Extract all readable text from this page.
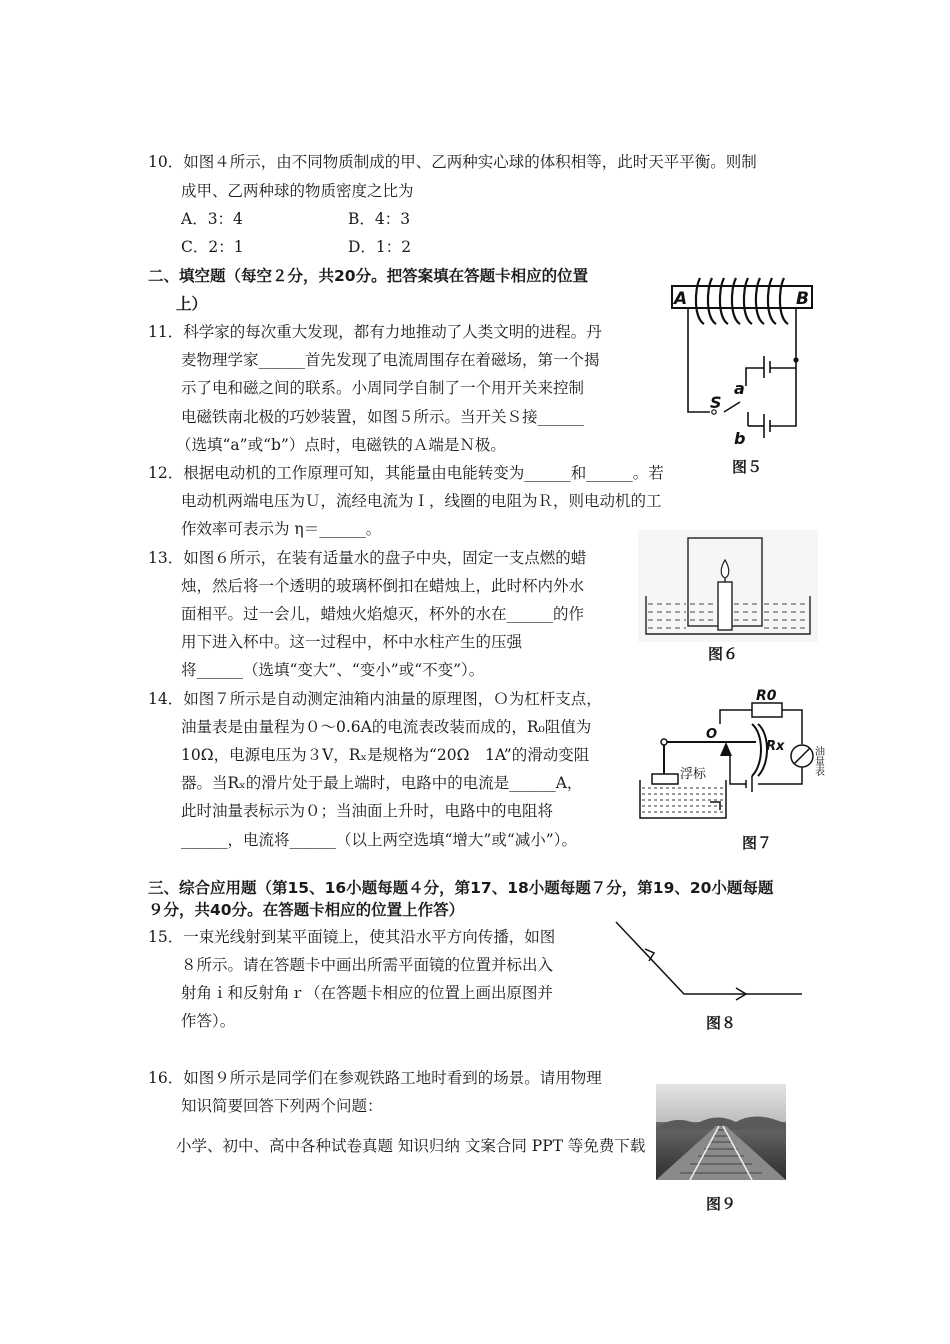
10．如图４所示，由不同物质制成的甲、乙两种实心球的体积相等，此时天平平衡。则制
成甲、乙两种球的物质密度之比为
A．3：4	B．4：3
C．2：1	D．1：2
二、填空题（每空２分，共20分。把答案填在答题卡相应的位置
上）
11．科学家的每次重大发现，都有力地推动了人类文明的进程。丹
麦物理学家______首先发现了电流周围存在着磁场，第一个揭
示了电和磁之间的联系。小周同学自制了一个用开关来控制
电磁铁南北极的巧妙装置，如图５所示。当开关Ｓ接______
（选填“a”或“b”）点时，电磁铁的Ａ端是Ｎ极。
12．根据电动机的工作原理可知，其能量由电能转变为______和______。若
电动机两端电压为Ｕ，流经电流为Ｉ，线圈的电阻为Ｒ，则电动机的工
作效率可表示为 η＝______。
13．如图６所示，在装有适量水的盘子中央，固定一支点燃的蜡
烛，然后将一个透明的玻璃杯倒扣在蜡烛上，此时杯内外水
面相平。过一会儿，蜡烛火焰熄灭，杯外的水在______的作
用下进入杯中。这一过程中，杯中水柱产生的压强
将______（选填“变大”、“变小”或“不变”）。
14．如图７所示是自动测定油箱内油量的原理图，Ｏ为杠杆支点，
油量表是由量程为０～0.6A的电流表改装而成的，R₀阻值为
10Ω，电源电压为３V，Rₓ是规格为“20Ω　1A”的滑动变阻
器。当Rₓ的滑片处于最上端时，电路中的电流是______A，
此时油量表标示为０；当油面上升时，电路中的电阻将
______，电流将______（以上两空选填“增大”或“减小”）。
三、综合应用题（第15、16小题每题４分，第17、18小题每题７分，第19、20小题每题
９分，共40分。在答题卡相应的位置上作答）
15．一束光线射到某平面镜上，使其沿水平方向传播，如图
８所示。请在答题卡中画出所需平面镜的位置并标出入
射角ｉ和反射角ｒ（在答题卡相应的位置上画出原图并
作答）。
16．如图９所示是同学们在参观铁路工地时看到的场景。请用物理
知识简要回答下列两个问题：
小学、初中、高中各种试卷真题 知识归纳 文案合同 PPT 等免费下载
A	B
S
a
b
图５
图６
R0
Rx
O
浮标	油量表
图７
图８
图９
